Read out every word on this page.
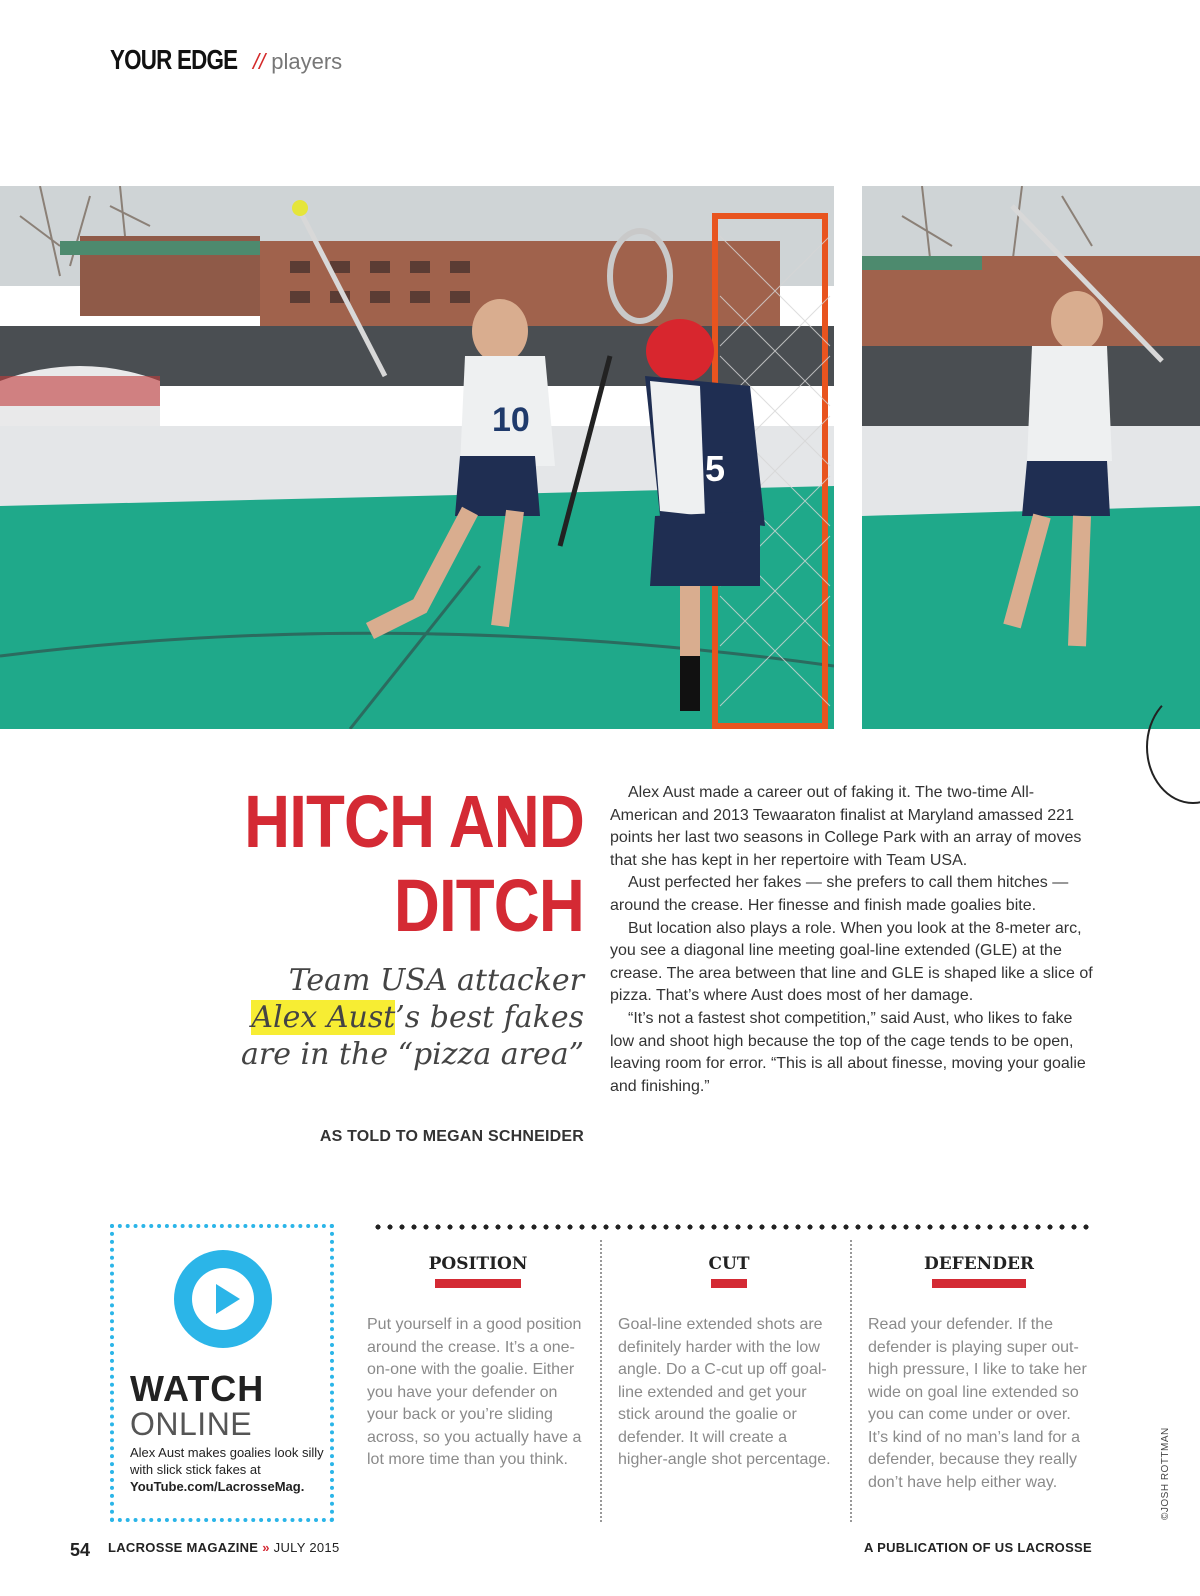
YOUR EDGE // players
10
5
HITCH AND
DITCH
Team USA attacker
Alex Aust’s best fakes are in the “pizza area”
AS TOLD TO MEGAN SCHNEIDER

Alex Aust made a career out of faking it. The two-time All-American and 2013 Tewaaraton finalist at Maryland amassed 221 points her last two seasons in College Park with an array of moves that she has kept in her repertoire with Team USA.

Aust perfected her fakes — she prefers to call them hitches — around the crease. Her finesse and finish made goalies bite.

But location also plays a role. When you look at the 8-meter arc, you see a diagonal line meeting goal-line extended (GLE) at the crease. The area between that line and GLE is shaped like a slice of pizza. That’s where Aust does most of her damage.

“It’s not a fastest shot competition,” said Aust, who likes to fake low and shoot high because the top of the cage tends to be open, leaving room for error. “This is all about finesse, moving your goalie and finishing.”

WATCH
ONLINE
Alex Aust makes goalies look silly with slick stick fakes at YouTube.com/LacrosseMag.
POSITION
Put yourself in a good position around the crease. It’s a one-on-one with the goalie. Either you have your defender on your back or you’re sliding across, so you actually have a lot more time than you think.
CUT
Goal-line extended shots are definitely harder with the low angle. Do a C-cut up off goal-line extended and get your stick around the goalie or defender. It will create a higher-angle shot percentage.
DEFENDER
Read your defender. If the defender is playing super out-high pressure, I like to take her wide on goal line extended so you can come under or over. It’s kind of no man’s land for a defender, because they really don’t have help either way.	©JOSH ROTTMAN
54 LACROSSE MAGAZINE » JULY 2015	A PUBLICATION OF US LACROSSE
